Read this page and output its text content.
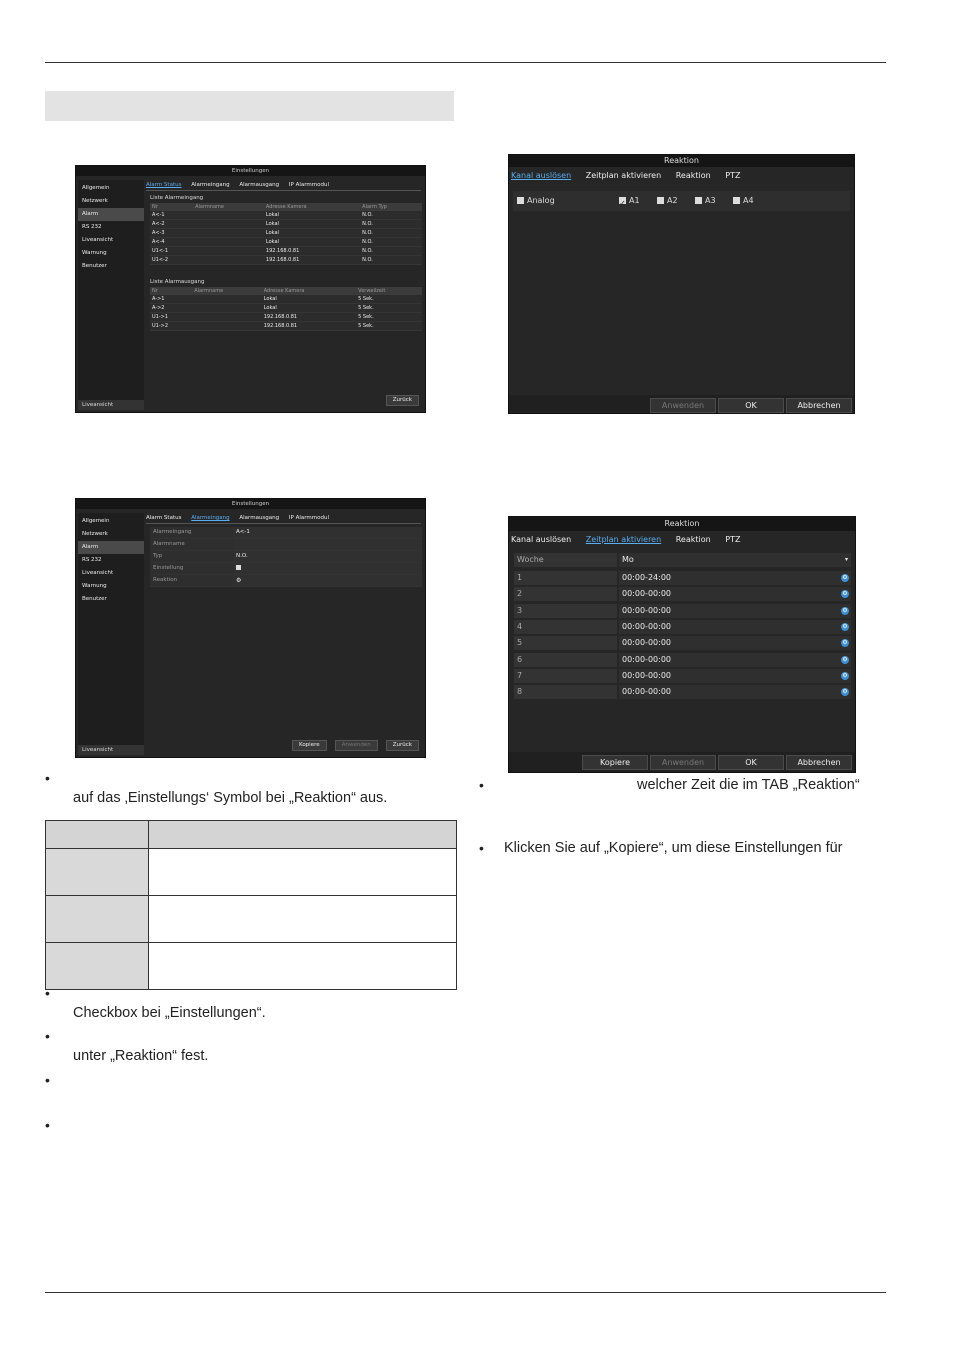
Einstellungen
Allgemein
Netzwerk
Alarm
RS 232
Liveansicht
Warnung
Benutzer
Liveansicht
Alarm Status Alarmeingang Alarmausgang IP Alarmmodul
Liste Alarmeingang
Nr	Alarmname	Adresse Kamera	Alarm Typ
A<-1		Lokal	N.O.
A<-2		Lokal	N.O.
A<-3		Lokal	N.O.
A<-4		Lokal	N.O.
U1<-1		192.168.0.81	N.O.
U1<-2		192.168.0.81	N.O.
Liste Alarmausgang
Nr	Alarmname	Adresse Kamera	Verweilzeit
A->1		Lokal	5 Sek.
A->2		Lokal	5 Sek.
U1->1		192.168.0.81	5 Sek.
U1->2		192.168.0.81	5 Sek.
Zurück
Einstellungen
Allgemein
Netzwerk
Alarm
RS 232
Liveansicht
Warnung
Benutzer
Liveansicht
Alarm Status Alarmeingang Alarmausgang IP Alarmmodul
Alarmeingang	A<-1
Alarmname
Typ	N.O.
Einstellung
Reaktion	⚙
Kopiere	Anwenden	Zurück
Reaktion
Kanal auslösen Zeitplan aktivieren Reaktion PTZ
Analog ✓	A1	A2	A3	A4
Anwenden	OK	Abbrechen
Reaktion
Kanal auslösen Zeitplan aktivieren Reaktion PTZ
Woche	Mo	▾
1	00:00-24:00	⚙
2	00:00-00:00	⚙
3	00:00-00:00	⚙
4	00:00-00:00	⚙
5	00:00-00:00	⚙
6	00:00-00:00	⚙
7	00:00-00:00	⚙
8	00:00-00:00	⚙
Kopiere	Anwenden	OK	Abbrechen
•
auf das ‚Einstellungs‘ Symbol bei „Reaktion“ aus.

•
Checkbox bei „Einstellungen“.
•
unter „Reaktion“ fest.
•
•
•	welcher Zeit die im TAB „Reaktion“
• Klicken Sie auf „Kopiere“, um diese Einstellungen für
